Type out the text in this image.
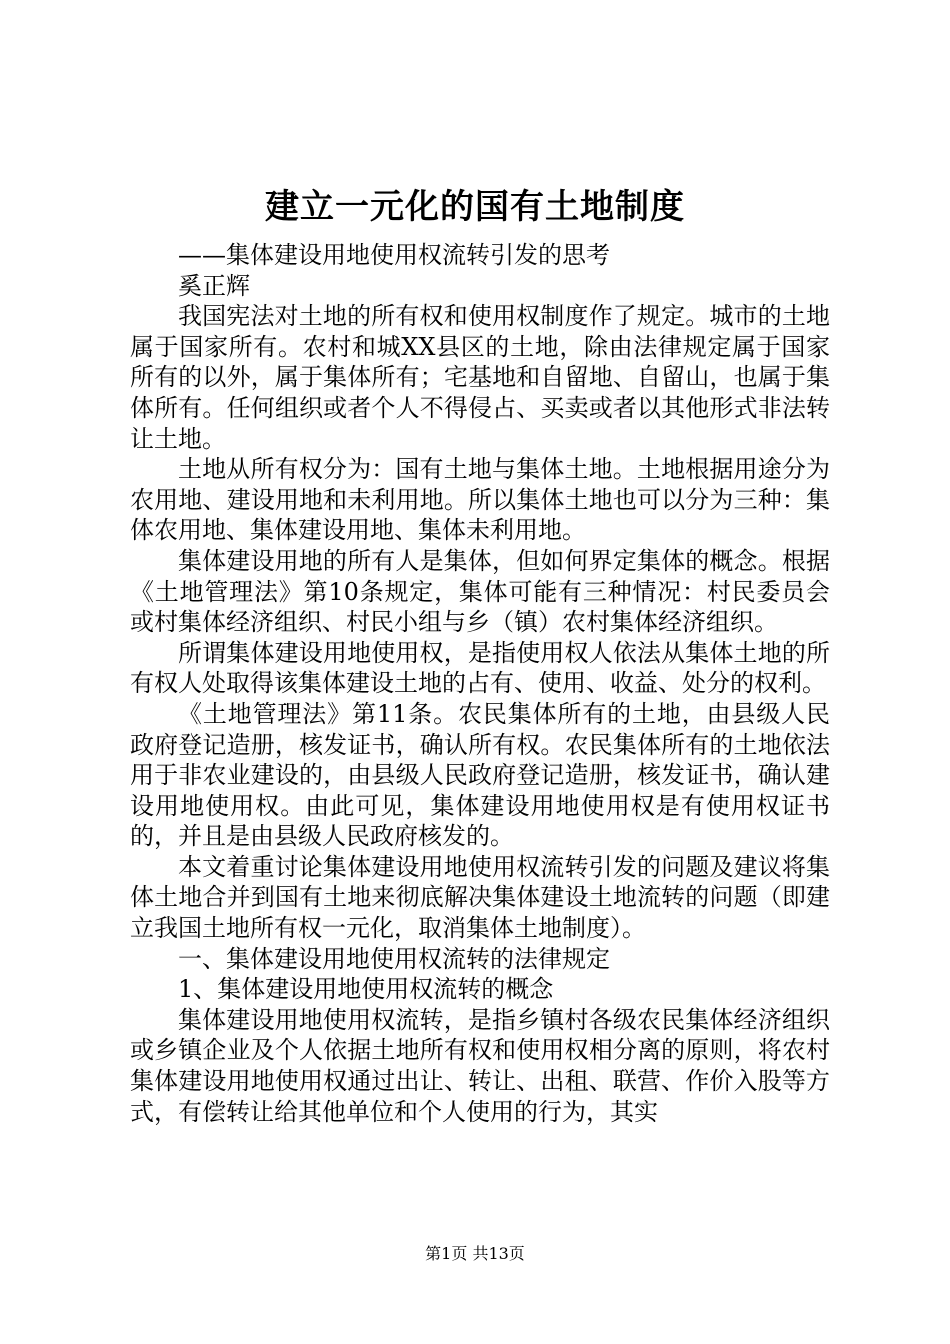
建立一元化的国有土地制度

——集体建设用地使用权流转引发的思考

奚正辉

我国宪法对土地的所有权和使用权制度作了规定。城市的土地属于国家所有。农村和城XX县区的土地，除由法律规定属于国家所有的以外，属于集体所有；宅基地和自留地、自留山，也属于集体所有。任何组织或者个人不得侵占、买卖或者以其他形式非法转让土地。

土地从所有权分为：国有土地与集体土地。土地根据用途分为农用地、建设用地和未利用地。所以集体土地也可以分为三种：集体农用地、集体建设用地、集体未利用地。

集体建设用地的所有人是集体，但如何界定集体的概念。根据《土地管理法》第10条规定，集体可能有三种情况：村民委员会或村集体经济组织、村民小组与乡（镇）农村集体经济组织。

所谓集体建设用地使用权，是指使用权人依法从集体土地的所有权人处取得该集体建设土地的占有、使用、收益、处分的权利。

《土地管理法》第11条。农民集体所有的土地，由县级人民政府登记造册，核发证书，确认所有权。农民集体所有的土地依法用于非农业建设的，由县级人民政府登记造册，核发证书，确认建设用地使用权。由此可见，集体建设用地使用权是有使用权证书的，并且是由县级人民政府核发的。

本文着重讨论集体建设用地使用权流转引发的问题及建议将集体土地合并到国有土地来彻底解决集体建设土地流转的问题（即建立我国土地所有权一元化，取消集体土地制度）。

一、集体建设用地使用权流转的法律规定

1、集体建设用地使用权流转的概念

集体建设用地使用权流转，是指乡镇村各级农民集体经济组织或乡镇企业及个人依据土地所有权和使用权相分离的原则，将农村集体建设用地使用权通过出让、转让、出租、联营、作价入股等方式，有偿转让给其他单位和个人使用的行为，其实

第1页 共13页
